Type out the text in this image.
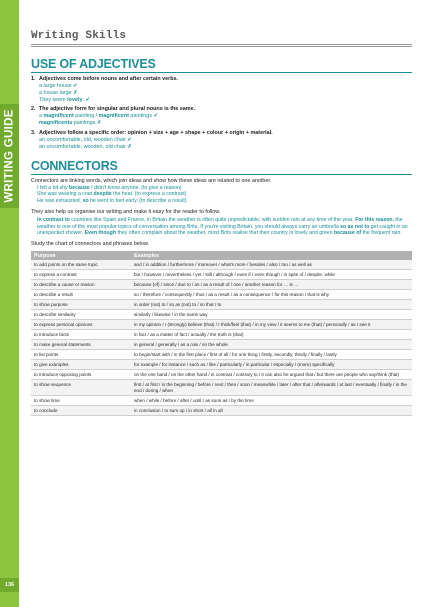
WRITING GUIDE
136
Writing Skills
USE OF ADJECTIVES
1. Adjectives come before nouns and after certain verbs.
a large house ✔
a house large ✗
They seem lovely. ✔
2. The adjective form for singular and plural nouns is the same.
a magnificent painting / magnificent paintings ✔
magnificents paintings ✗
3. Adjectives follow a specific order: opinion + size + age + shape + colour + origin + material.
an uncomfortable, old, wooden chair ✔
an uncomfortable, wooden, old chair ✗
CONNECTORS
Connectors are linking words, which join ideas and show how these ideas are related to one another.
I felt a bit shy because I didn't know anyone. (to give a reason)
She was wearing a coat despite the heat. (to express a contrast)
He was exhausted, so he went to bed early. (to describe a result)
They also help us organise our writing and make it easy for the reader to follow.
In contrast to countries like Spain and France, in Britain the weather is often quite unpredictable, with sudden rain at any time of the year. For this reason, the weather is one of the most popular topics of conversation among Brits. If you're visiting Britain, you should always carry an umbrella so as not to get caught in an unexpected shower. Even though they often complain about the weather, most Brits realise that their country is lovely and green because of the frequent rain.
Study the chart of connectors and phrases below.
Purpose	Examples
to add points on the same topic	and / in addition / furthermore / moreover / what's more / besides / also / too / as well as
to express a contrast	but / however / nevertheless / yet / still / although / even if / even though / in spite of / despite, while
to describe a cause or reason	because (of) / since / due to / as / as a result of / one / another reason for … is …
to describe a result	so / therefore / consequently / thus / as a result / as a consequence / for this reason / that is why
to show purpose	in order (not) to / so as (not) to / so that / to
to describe similarity	similarly / likewise / in the same way
to express personal opinions	in my opinion / I (strongly) believe (that) / I think/feel (that) / in my view / it seems to me (that) / personally / as I see it
to introduce facts	in fact / as a matter of fact / actually / the truth is (that)
to make general statements	in general / generally / as a rule / on the whole
to list points	to begin/start with / in the first place / first of all / for one thing / firstly, secondly, thirdly / finally / lastly
to give examples	for example / for instance / such as / like / particularly / in particular / especially / (more) specifically
to introduce opposing points	on the one hand / on the other hand / in contrast / contrary to / it can also be argued that / but there are people who say/think (that)
to show sequence	first / at first / in the beginning / before / next / then / soon / meanwhile / later / after that / afterwards / at last / eventually / finally / in the end / during / when
to show time	when / while / before / after / until / as soon as / by the time
to conclude	in conclusion / to sum up / in short / all in all
